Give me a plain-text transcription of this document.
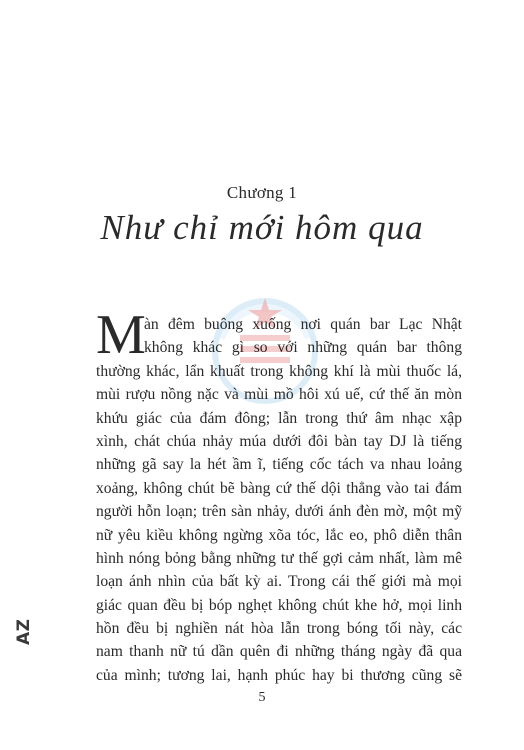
Chương 1
Như chỉ mới hôm qua
M
àn đêm buông xuống nơi quán bar Lạc Nhật
không khác gì so với những quán bar thông
thường khác, lẩn khuất trong không khí là mùi thuốc lá,
mùi rượu nồng nặc và mùi mồ hôi xú uế, cứ thế ăn mòn
khứu giác của đám đông; lẫn trong thứ âm nhạc xập
xình, chát chúa nhảy múa dưới đôi bàn tay DJ là tiếng
những gã say la hét ầm ĩ, tiếng cốc tách va nhau loảng
xoảng, không chút bẽ bàng cứ thế dội thẳng vào tai đám
người hỗn loạn; trên sàn nhảy, dưới ánh đèn mờ, một mỹ
nữ yêu kiều không ngừng xõa tóc, lắc eo, phô diễn thân
hình nóng bỏng bằng những tư thế gợi cảm nhất, làm mê
loạn ánh nhìn của bất kỳ ai. Trong cái thế giới mà mọi
giác quan đều bị bóp nghẹt không chút khe hở, mọi linh
hồn đều bị nghiền nát hòa lẫn trong bóng tối này, các
nam thanh nữ tú dần quên đi những tháng ngày đã qua
của mình; tương lai, hạnh phúc hay bi thương cũng sẽ
5
AZ
